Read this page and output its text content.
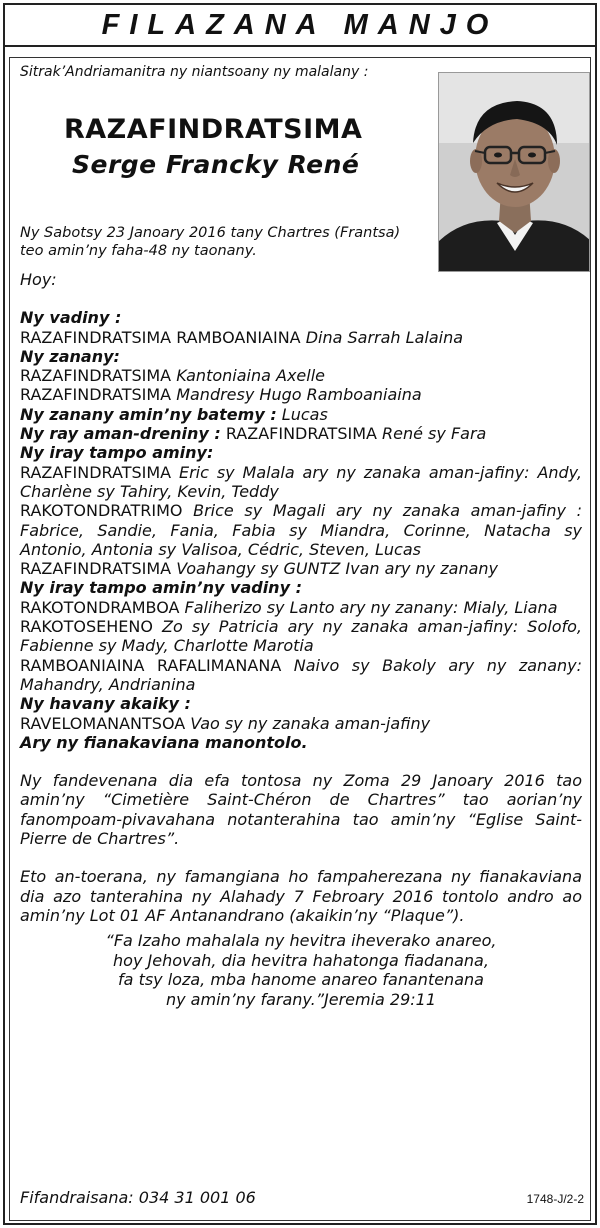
FILAZANA MANJO
Sitrak’Andriamanitra ny niantsoany ny malalany :
RAZAFINDRATSIMA
Serge Francky René
Ny Sabotsy 23 Janoary 2016 tany Chartres (Frantsa)
teo amin’ny faha-48 ny taonany.

Hoy:

Ny vadiny :

RAZAFINDRATSIMA RAMBOANIAINA Dina Sarrah Lalaina

Ny zanany:

RAZAFINDRATSIMA Kantoniaina Axelle

RAZAFINDRATSIMA Mandresy Hugo Ramboaniaina

Ny zanany amin’ny batemy : Lucas

Ny ray aman-dreniny : RAZAFINDRATSIMA René sy Fara

Ny iray tampo aminy:

RAZAFINDRATSIMA Eric sy Malala ary ny zanaka aman-jafiny: Andy, Charlène sy Tahiry, Kevin, Teddy

RAKOTONDRATRIMO Brice sy Magali ary ny zanaka aman-jafiny : Fabrice, Sandie, Fania, Fabia sy Miandra, Corinne, Natacha sy Antonio, Antonia sy Valisoa, Cédric, Steven, Lucas

RAZAFINDRATSIMA Voahangy sy GUNTZ Ivan ary ny zanany

Ny iray tampo amin’ny vadiny :

RAKOTONDRAMBOA Faliherizo sy Lanto ary ny zanany: Mialy, Liana

RAKOTOSEHENO Zo sy Patricia ary ny zanaka aman-jafiny: Solofo, Fabienne sy Mady, Charlotte Marotia

RAMBOANIAINA RAFALIMANANA Naivo sy Bakoly ary ny zanany: Mahandry, Andrianina

Ny havany akaiky :

RAVELOMANANTSOA Vao sy ny zanaka aman-jafiny

Ary ny fianakaviana manontolo.

Ny fandevenana dia efa tontosa ny Zoma 29 Janoary 2016 tao amin’ny “Cimetière Saint-Chéron de Chartres” tao aorian’ny fanompoam-pivavahana notanterahina tao amin’ny “Eglise Saint-Pierre de Chartres”.

Eto an-toerana, ny famangiana ho fampaherezana ny fianakaviana dia azo tanterahina ny Alahady 7 Febroary 2016 tontolo andro ao amin’ny Lot 01 AF Antanandrano (akaikin’ny “Plaque”).

“Fa Izaho mahalala ny hevitra iheverako anareo,
hoy Jehovah, dia hevitra hahatonga fiadanana,
fa tsy loza, mba hanome anareo fanantenana
ny amin’ny farany.”Jeremia 29:11
Fifandraisana: 034 31 001 06	1748-J/2-2
